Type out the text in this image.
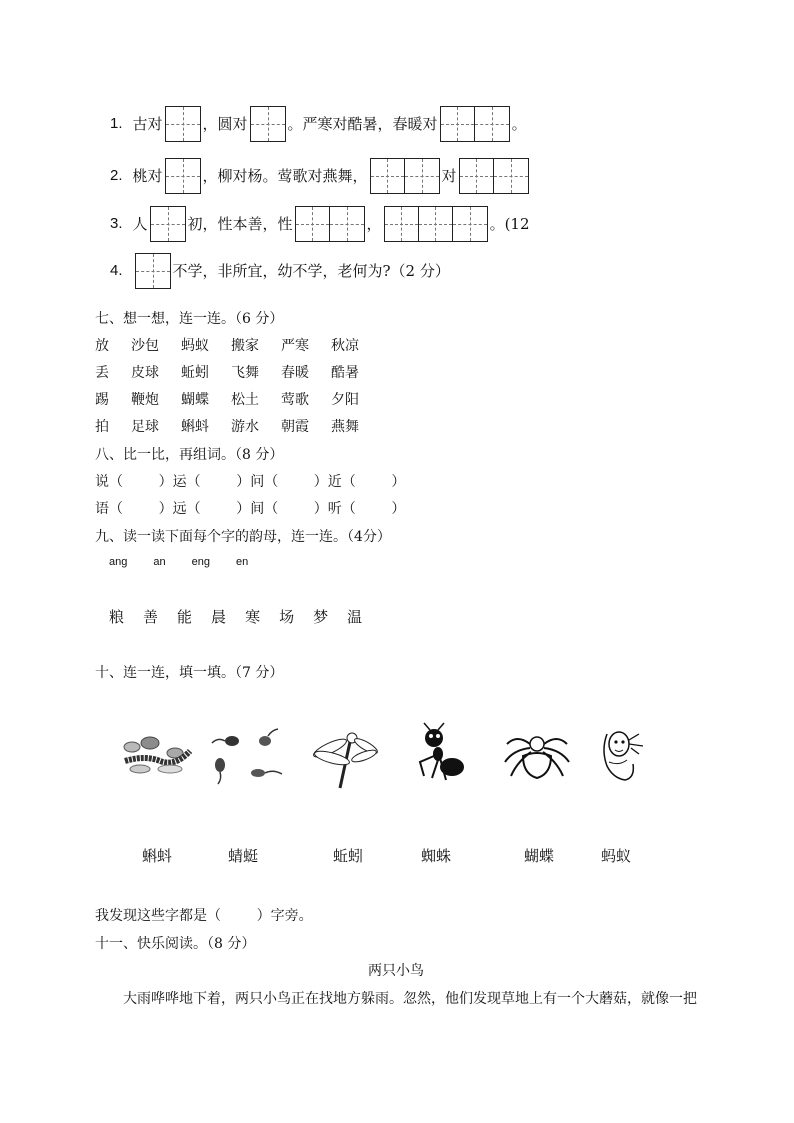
1. 古对	，圆对	。严寒对酷暑，春暖对	。
2. 桃对	，柳对杨。莺歌对燕舞，	对
3. 人	初，性本善，性	，	。(12
4.	不学，非所宜，幼不学，老何为?（2 分）
七、想一想，连一连。（6 分）
放 沙包 蚂蚁 搬家 严寒 秋凉
丢 皮球 蚯蚓 飞舞 春暖 酷暑
踢 鞭炮 蝴蝶 松土 莺歌 夕阳
拍 足球 蝌蚪 游水 朝霞 燕舞
八、比一比，再组词。（8 分）
说（        ）运（        ）问（        ）近（        ）
语（        ）远（        ）间（        ）听（        ）
九、读一读下面每个字的韵母，连一连。（4分）
ang an eng en
粮 善 能 晨 寒 场 梦 温
十、连一连，填一填。（7 分）
蝌蚪	蜻蜓	蚯蚓	蜘蛛	蝴蝶	蚂蚁
我发现这些字都是（        ）字旁。
十一、快乐阅读。（8 分）
两只小鸟
大雨哗哗地下着，两只小鸟正在找地方躲雨。忽然，他们发现草地上有一个大蘑菇，就像一把
